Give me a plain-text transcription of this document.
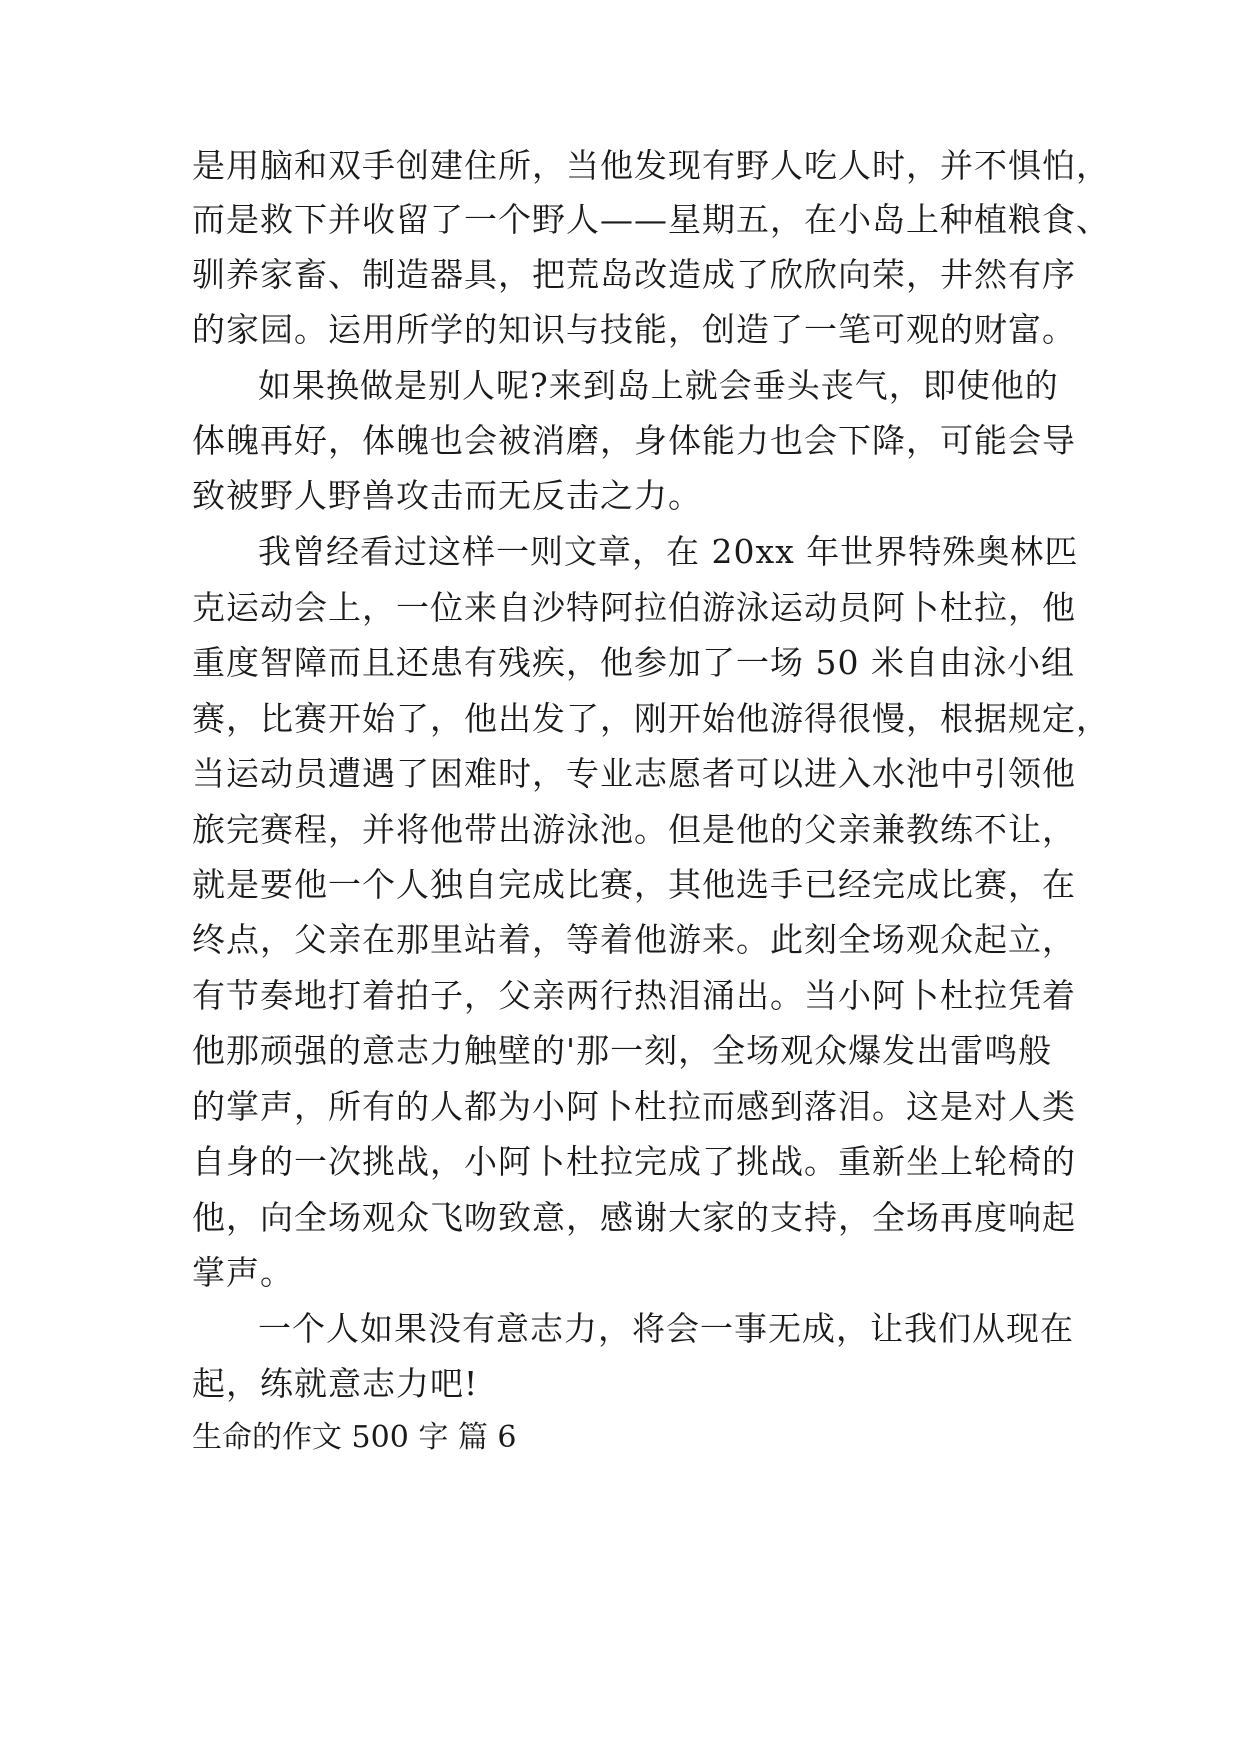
是用脑和双手创建住所，当他发现有野人吃人时，并不惧怕，
而是救下并收留了一个野人——星期五，在小岛上种植粮食、
驯养家畜、制造器具，把荒岛改造成了欣欣向荣，井然有序
的家园。运用所学的知识与技能，创造了一笔可观的财富。
如果换做是别人呢?来到岛上就会垂头丧气，即使他的
体魄再好，体魄也会被消磨，身体能力也会下降，可能会导
致被野人野兽攻击而无反击之力。
我曾经看过这样一则文章，在 20xx 年世界特殊奥林匹
克运动会上，一位来自沙特阿拉伯游泳运动员阿卜杜拉，他
重度智障而且还患有残疾，他参加了一场 50 米自由泳小组
赛，比赛开始了，他出发了，刚开始他游得很慢，根据规定，
当运动员遭遇了困难时，专业志愿者可以进入水池中引领他
旅完赛程，并将他带出游泳池。但是他的父亲兼教练不让，
就是要他一个人独自完成比赛，其他选手已经完成比赛，在
终点，父亲在那里站着，等着他游来。此刻全场观众起立，
有节奏地打着拍子，父亲两行热泪涌出。当小阿卜杜拉凭着
他那顽强的意志力触壁的'那一刻，全场观众爆发出雷鸣般
的掌声，所有的人都为小阿卜杜拉而感到落泪。这是对人类
自身的一次挑战，小阿卜杜拉完成了挑战。重新坐上轮椅的
他，向全场观众飞吻致意，感谢大家的支持，全场再度响起
掌声。
一个人如果没有意志力，将会一事无成，让我们从现在
起，练就意志力吧!
生命的作文 500 字 篇 6
